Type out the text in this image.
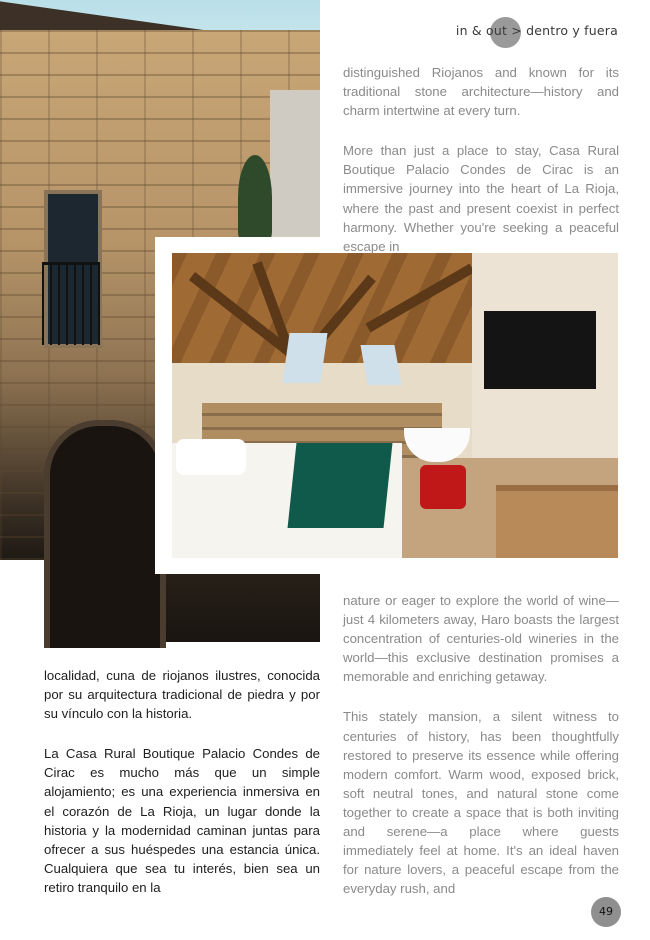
in & out > dentro y fuera

distinguished Riojanos and known for its traditional stone architecture—history and charm intertwine at every turn.

More than just a place to stay, Casa Rural Boutique Palacio Condes de Cirac is an immersive journey into the heart of La Rioja, where the past and present coexist in perfect harmony. Whether you're seeking a peaceful escape in

nature or eager to explore the world of wine—just 4 kilometers away, Haro boasts the largest concentration of centuries-old wineries in the world—this exclusive destination promises a memorable and enriching getaway.

This stately mansion, a silent witness to centuries of history, has been thoughtfully restored to preserve its essence while offering modern comfort. Warm wood, exposed brick, soft neutral tones, and natural stone come together to create a space that is both inviting and serene—a place where guests immediately feel at home. It's an ideal haven for nature lovers, a peaceful escape from the everyday rush, and

localidad, cuna de riojanos ilustres, conocida por su arquitectura tradicional de piedra y por su vínculo con la historia.

La Casa Rural Boutique Palacio Condes de Cirac es mucho más que un simple alojamiento; es una experiencia inmersiva en el corazón de La Rioja, un lugar donde la historia y la modernidad caminan juntas para ofrecer a sus huéspedes una estancia única. Cualquiera que sea tu interés, bien sea un retiro tranquilo en la

49
